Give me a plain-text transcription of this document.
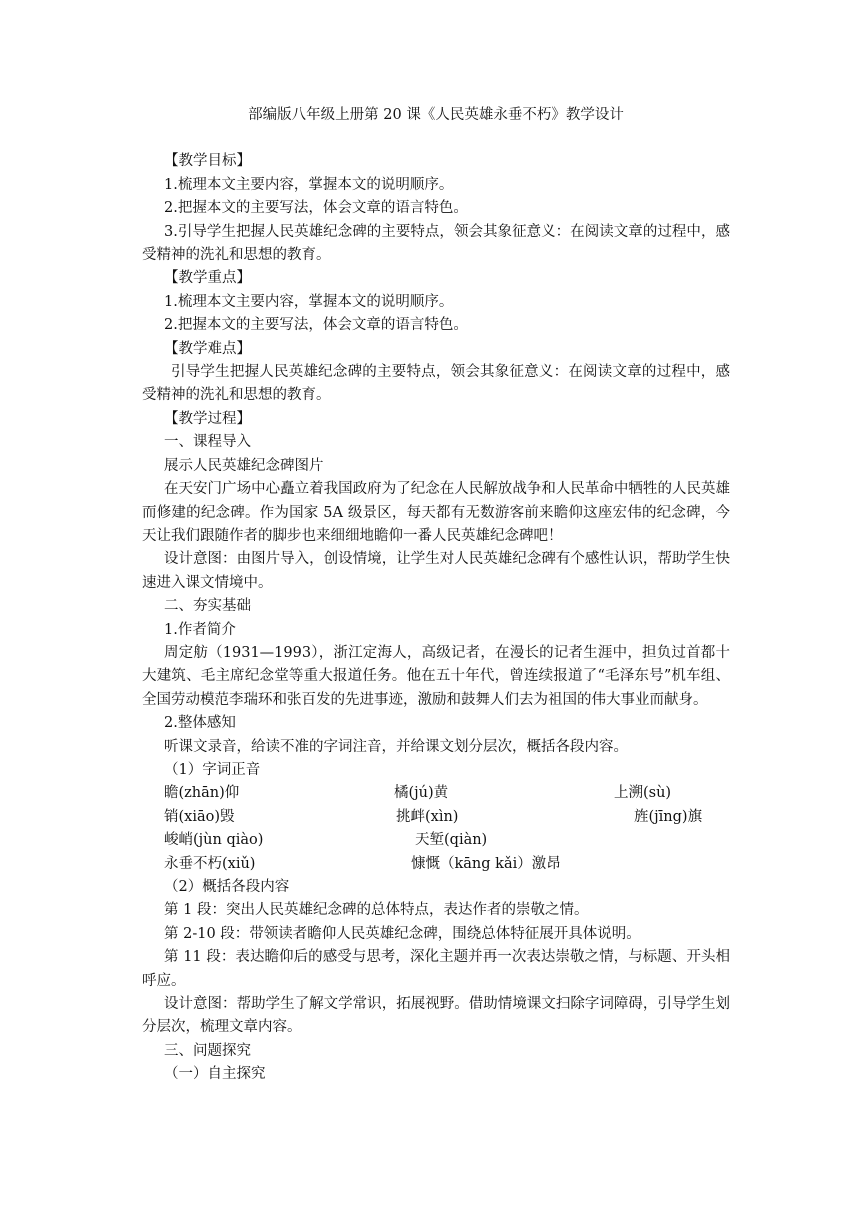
部编版八年级上册第 20 课《人民英雄永垂不朽》教学设计

【教学目标】

1.梳理本文主要内容，掌握本文的说明顺序。

2.把握本文的主要写法，体会文章的语言特色。

3.引导学生把握人民英雄纪念碑的主要特点，领会其象征意义：在阅读文章的过程中，感受精神的洗礼和思想的教育。

【教学重点】

1.梳理本文主要内容，掌握本文的说明顺序。

2.把握本文的主要写法，体会文章的语言特色。

【教学难点】

引导学生把握人民英雄纪念碑的主要特点，领会其象征意义：在阅读文章的过程中，感受精神的洗礼和思想的教育。

【教学过程】

一、课程导入

展示人民英雄纪念碑图片

在天安门广场中心矗立着我国政府为了纪念在人民解放战争和人民革命中牺牲的人民英雄而修建的纪念碑。作为国家 5A 级景区，每天都有无数游客前来瞻仰这座宏伟的纪念碑，今天让我们跟随作者的脚步也来细细地瞻仰一番人民英雄纪念碑吧！

设计意图：由图片导入，创设情境，让学生对人民英雄纪念碑有个感性认识，帮助学生快速进入课文情境中。

二、夯实基础

1.作者简介

周定舫（1931—1993），浙江定海人，高级记者，在漫长的记者生涯中，担负过首都十大建筑、毛主席纪念堂等重大报道任务。他在五十年代，曾连续报道了“毛泽东号”机车组、全国劳动模范李瑞环和张百发的先进事迹，激励和鼓舞人们去为祖国的伟大事业而献身。

2.整体感知

听课文录音，给读不准的字词注音，并给课文划分层次，概括各段内容。

（1）字词正音

瞻(zhān)仰	橘(jú)黄	上溯(sù)
销(xiāo)毁	挑衅(xìn)	旌(jīng)旗
峻峭(jùn qiào)	天堑(qiàn)
永垂不朽(xiǔ)	慷慨（kāng kǎi）激昂

（2）概括各段内容

第 1 段：突出人民英雄纪念碑的总体特点，表达作者的崇敬之情。

第 2-10 段：带领读者瞻仰人民英雄纪念碑，围绕总体特征展开具体说明。

第 11 段：表达瞻仰后的感受与思考，深化主题并再一次表达崇敬之情，与标题、开头相呼应。

设计意图：帮助学生了解文学常识，拓展视野。借助情境课文扫除字词障碍，引导学生划分层次，梳理文章内容。

三、问题探究

（一）自主探究
